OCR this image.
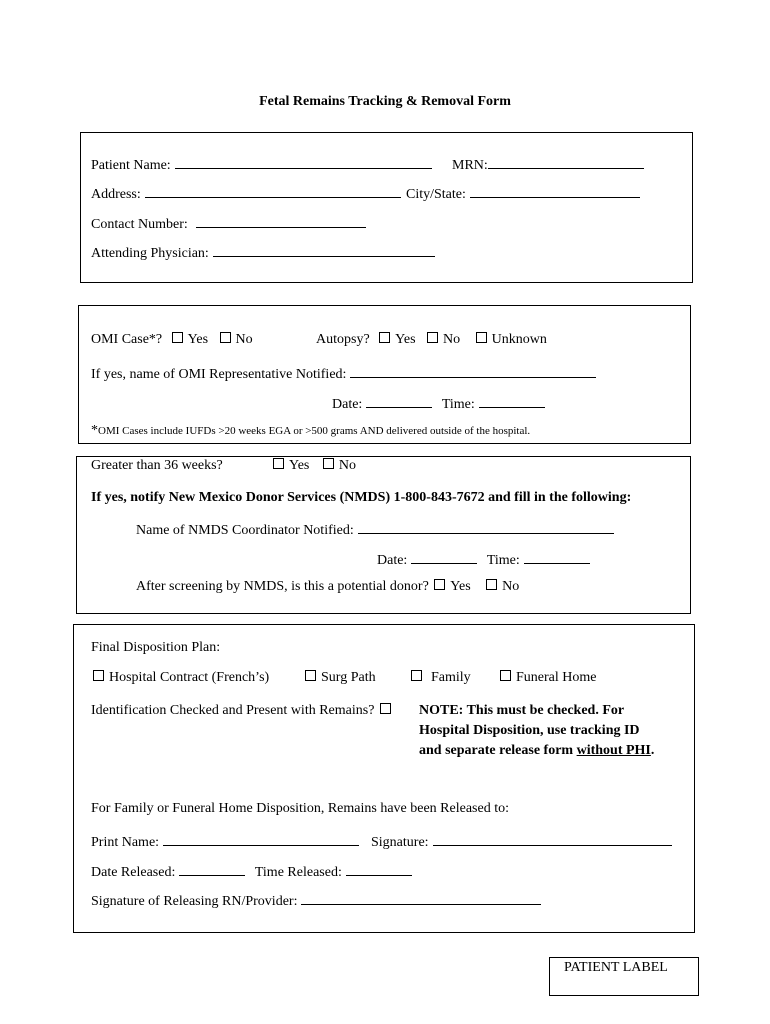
Fetal Remains Tracking & Removal Form
Patient Name:	MRN:
Address:	City/State:
Contact Number:
Attending Physician:
OMI Case*? Yes No	Autopsy? Yes No Unknown
If yes, name of OMI Representative Notified:
Date:	Time:
*OMI Cases include IUFDs >20 weeks EGA or >500 grams AND delivered outside of the hospital.
Greater than 36 weeks?	Yes No
If yes, notify New Mexico Donor Services (NMDS) 1-800-843-7672 and fill in the following:
Name of NMDS Coordinator Notified:
Date:	Time:
After screening by NMDS, is this a potential donor? Yes No
Final Disposition Plan:
Hospital Contract (French’s)	Surg Path	Family	Funeral Home
Identification Checked and Present with Remains?	NOTE: This must be checked. For
Hospital Disposition, use tracking ID
and separate release form without PHI.
For Family or Funeral Home Disposition, Remains have been Released to:
Print Name:	Signature:
Date Released:	Time Released:
Signature of Releasing RN/Provider:
PATIENT LABEL
